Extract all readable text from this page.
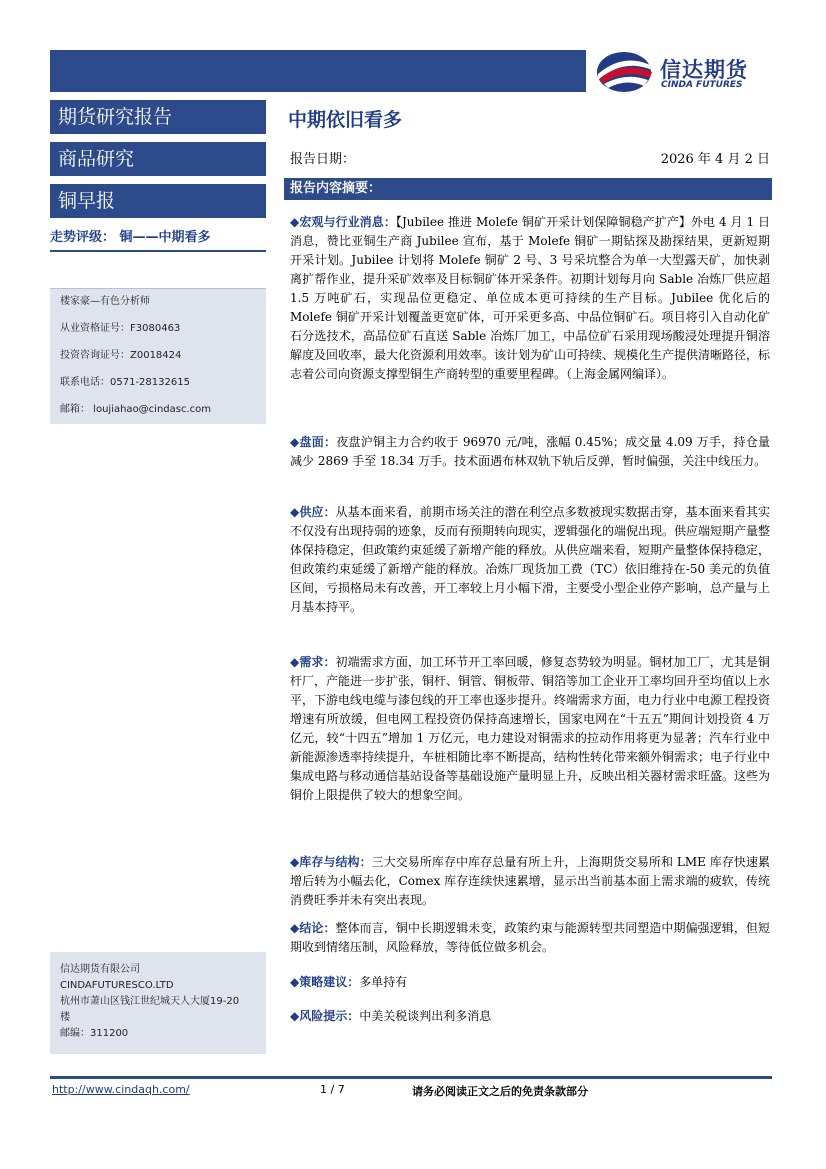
信达期货
CINDA FUTURES
期货研究报告
商品研究
铜早报
走势评级： 铜——中期看多
楼家豪—有色分析师
从业资格证号：F3080463
投资咨询证号：Z0018424
联系电话：0571-28132615
邮箱： loujiahao@cindasc.com
信达期货有限公司
CINDAFUTURESCO.LTD
杭州市萧山区钱江世纪城天人大厦19-20
楼
邮编：311200
中期依旧看多
报告日期：	2026 年 4 月 2 日
报告内容摘要：
◆宏观与行业消息：【Jubilee 推进 Molefe 铜矿开采计划保障铜稳产扩产】外电 4 月 1 日消息，赞比亚铜生产商 Jubilee 宣布，基于 Molefe 铜矿一期钻探及勘探结果，更新短期开采计划。Jubilee 计划将 Molefe 铜矿 2 号、3 号采坑整合为单一大型露天矿，加快剥离扩帮作业，提升采矿效率及目标铜矿体开采条件。初期计划每月向 Sable 冶炼厂供应超 1.5 万吨矿石，实现品位更稳定、单位成本更可持续的生产目标。Jubilee 优化后的 Molefe 铜矿开采计划覆盖更宽矿体，可开采更多高、中品位铜矿石。项目将引入自动化矿石分选技术，高品位矿石直送 Sable 冶炼厂加工，中品位矿石采用现场酸浸处理提升铜溶解度及回收率，最大化资源利用效率。该计划为矿山可持续、规模化生产提供清晰路径，标志着公司向资源支撑型铜生产商转型的重要里程碑。（上海金属网编译）。
◆盘面：夜盘沪铜主力合约收于 96970 元/吨，涨幅 0.45%；成交量 4.09 万手，持仓量减少 2869 手至 18.34 万手。技术面遇布林双轨下轨后反弹，暂时偏强，关注中线压力。
◆供应：从基本面来看，前期市场关注的潜在利空点多数被现实数据击穿，基本面来看其实不仅没有出现持弱的迹象，反而有预期转向现实，逻辑强化的端倪出现。供应端短期产量整体保持稳定，但政策约束延缓了新增产能的释放。从供应端来看，短期产量整体保持稳定，但政策约束延缓了新增产能的释放。冶炼厂现货加工费（TC）依旧维持在-50 美元的负值区间，亏损格局未有改善，开工率较上月小幅下滑，主要受小型企业停产影响，总产量与上月基本持平。
◆需求：初端需求方面，加工环节开工率回暖，修复态势较为明显。铜材加工厂，尤其是铜杆厂，产能进一步扩张，铜杆、铜管、铜板带、铜箔等加工企业开工率均回升至均值以上水平，下游电线电缆与漆包线的开工率也逐步提升。终端需求方面，电力行业中电源工程投资增速有所放缓，但电网工程投资仍保持高速增长，国家电网在“十五五”期间计划投资 4 万亿元，较“十四五”增加 1 万亿元，电力建设对铜需求的拉动作用将更为显著；汽车行业中新能源渗透率持续提升，车桩相随比率不断提高，结构性转化带来额外铜需求；电子行业中集成电路与移动通信基站设备等基础设施产量明显上升，反映出相关器材需求旺盛。这些为铜价上限提供了较大的想象空间。
◆库存与结构：三大交易所库存中库存总量有所上升，上海期货交易所和 LME 库存快速累增后转为小幅去化，Comex 库存连续快速累增，显示出当前基本面上需求端的疲软，传统消费旺季并未有突出表现。
◆结论：整体而言，铜中长期逻辑未变，政策约束与能源转型共同塑造中期偏强逻辑，但短期收到情绪压制，风险释放，等待低位做多机会。
◆策略建议：多单持有
◆风险提示：中美关税谈判出利多消息
http://www.cindaqh.com/	1 / 7	请务必阅读正文之后的免责条款部分
